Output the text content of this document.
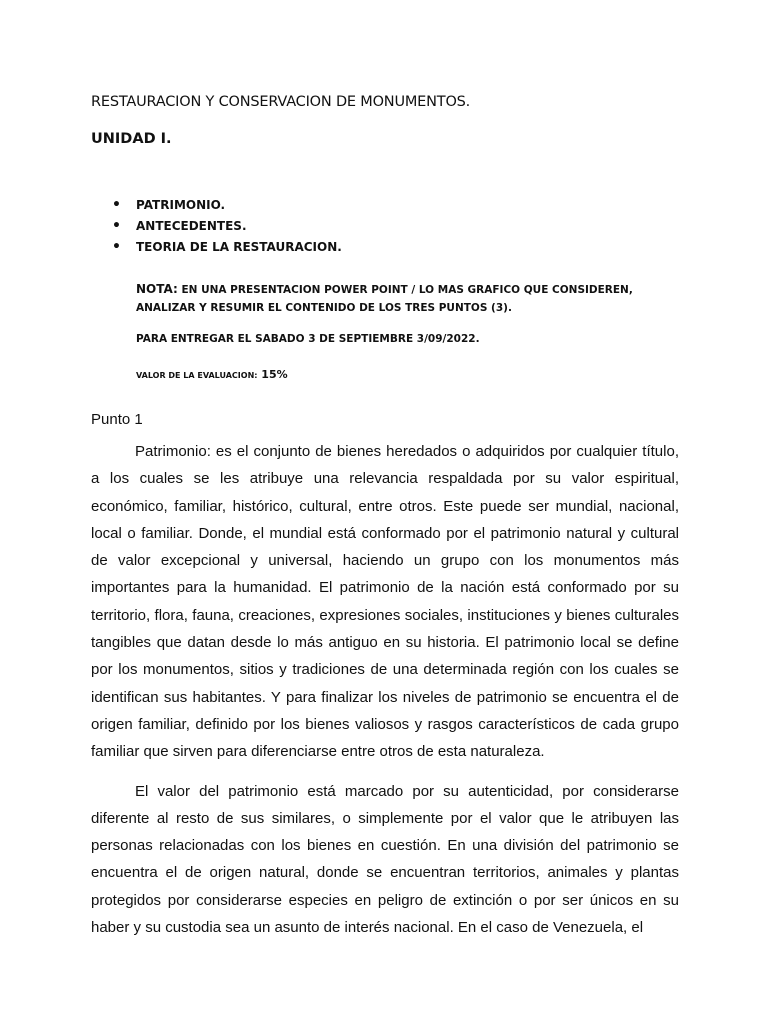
RESTAURACION Y CONSERVACION DE MONUMENTOS.
UNIDAD I.
• PATRIMONIO.
• ANTECEDENTES.
• TEORIA DE LA RESTAURACION.
NOTA: EN UNA PRESENTACION POWER POINT / LO MAS GRAFICO QUE CONSIDEREN,
ANALIZAR Y RESUMIR EL CONTENIDO DE LOS TRES PUNTOS (3).
PARA ENTREGAR EL SABADO 3 DE SEPTIEMBRE 3/09/2022.
VALOR DE LA EVALUACION: 15%
Punto 1

Patrimonio: es el conjunto de bienes heredados o adquiridos por cualquier título, a los cuales se les atribuye una relevancia respaldada por su valor espiritual, económico, familiar, histórico, cultural, entre otros. Este puede ser mundial, nacional, local o familiar. Donde, el mundial está conformado por el patrimonio natural y cultural de valor excepcional y universal, haciendo un grupo con los monumentos más importantes para la humanidad. El patrimonio de la nación está conformado por su territorio, flora, fauna, creaciones, expresiones sociales, instituciones y bienes culturales tangibles que datan desde lo más antiguo en su historia. El patrimonio local se define por los monumentos, sitios y tradiciones de una determinada región con los cuales se identifican sus habitantes. Y para finalizar los niveles de patrimonio se encuentra el de origen familiar, definido por los bienes valiosos y rasgos característicos de cada grupo familiar que sirven para diferenciarse entre otros de esta naturaleza.

El valor del patrimonio está marcado por su autenticidad, por considerarse diferente al resto de sus similares, o simplemente por el valor que le atribuyen las personas relacionadas con los bienes en cuestión. En una división del patrimonio se encuentra el de origen natural, donde se encuentran territorios, animales y plantas protegidos por considerarse especies en peligro de extinción o por ser únicos en su haber y su custodia sea un asunto de interés nacional. En el caso de Venezuela, el
